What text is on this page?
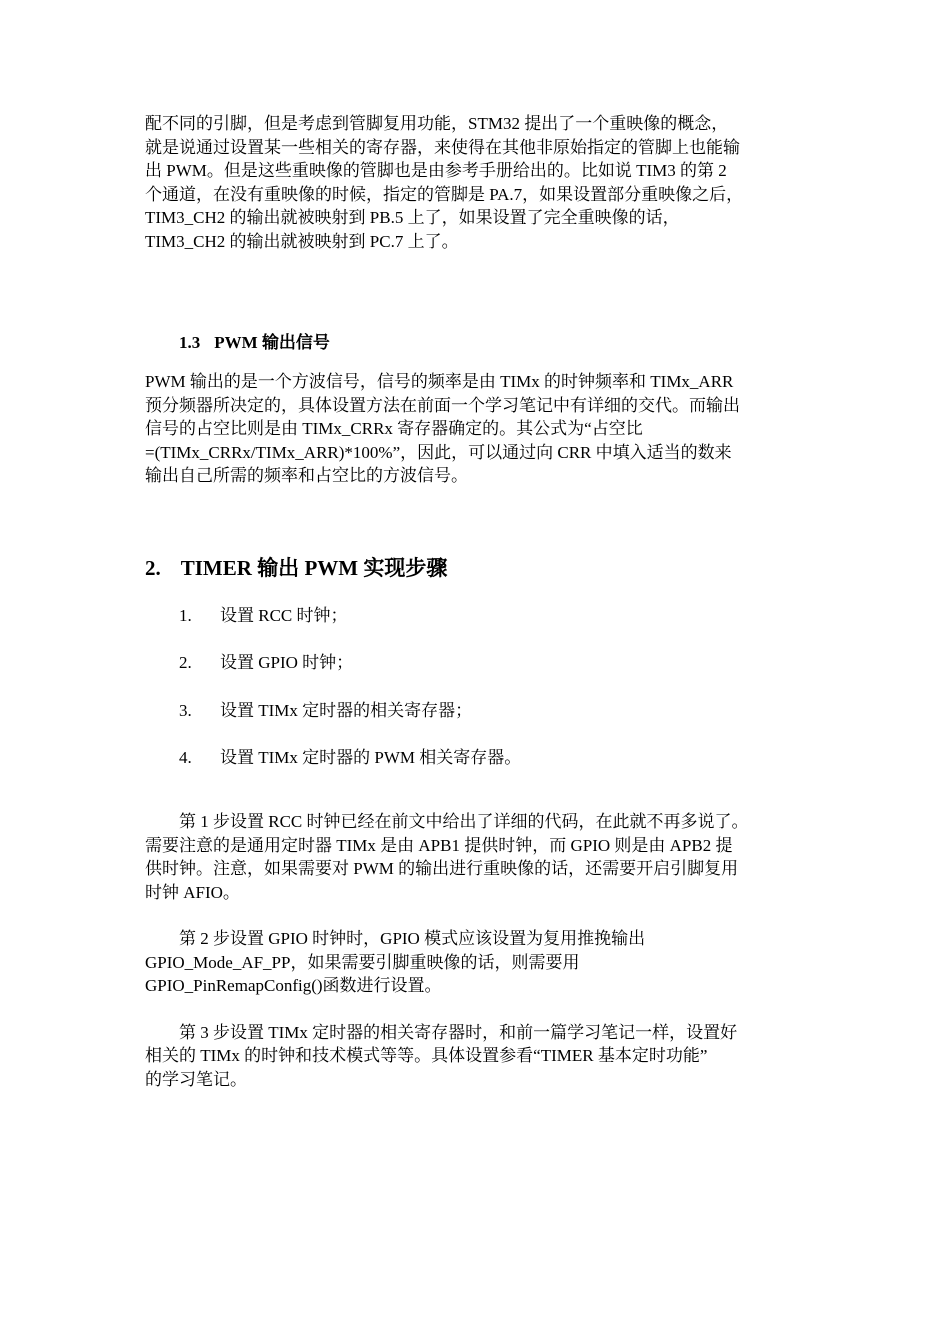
配不同的引脚，但是考虑到管脚复用功能，STM32 提出了一个重映像的概念，
就是说通过设置某一些相关的寄存器，来使得在其他非原始指定的管脚上也能输
出 PWM。但是这些重映像的管脚也是由参考手册给出的。比如说 TIM3 的第 2
个通道，在没有重映像的时候，指定的管脚是 PA.7，如果设置部分重映像之后，
TIM3_CH2 的输出就被映射到 PB.5 上了，如果设置了完全重映像的话，
TIM3_CH2 的输出就被映射到 PC.7 上了。

1.3 PWM 输出信号

PWM 输出的是一个方波信号，信号的频率是由 TIMx 的时钟频率和 TIMx_ARR
预分频器所决定的，具体设置方法在前面一个学习笔记中有详细的交代。而输出
信号的占空比则是由 TIMx_CRRx 寄存器确定的。其公式为“占空比
=(TIMx_CRRx/TIMx_ARR)*100%”，因此，可以通过向 CRR 中填入适当的数来
输出自己所需的频率和占空比的方波信号。

2. TIMER 输出 PWM 实现步骤
1. 设置 RCC 时钟；
2. 设置 GPIO 时钟；
3. 设置 TIMx 定时器的相关寄存器；
4. 设置 TIMx 定时器的 PWM 相关寄存器。

第 1 步设置 RCC 时钟已经在前文中给出了详细的代码，在此就不再多说了。
需要注意的是通用定时器 TIMx 是由 APB1 提供时钟，而 GPIO 则是由 APB2 提
供时钟。注意，如果需要对 PWM 的输出进行重映像的话，还需要开启引脚复用
时钟 AFIO。

第 2 步设置 GPIO 时钟时，GPIO 模式应该设置为复用推挽输出
GPIO_Mode_AF_PP，如果需要引脚重映像的话，则需要用
GPIO_PinRemapConfig()函数进行设置。

第 3 步设置 TIMx 定时器的相关寄存器时，和前一篇学习笔记一样，设置好
相关的 TIMx 的时钟和技术模式等等。具体设置参看“TIMER 基本定时功能”
的学习笔记。
